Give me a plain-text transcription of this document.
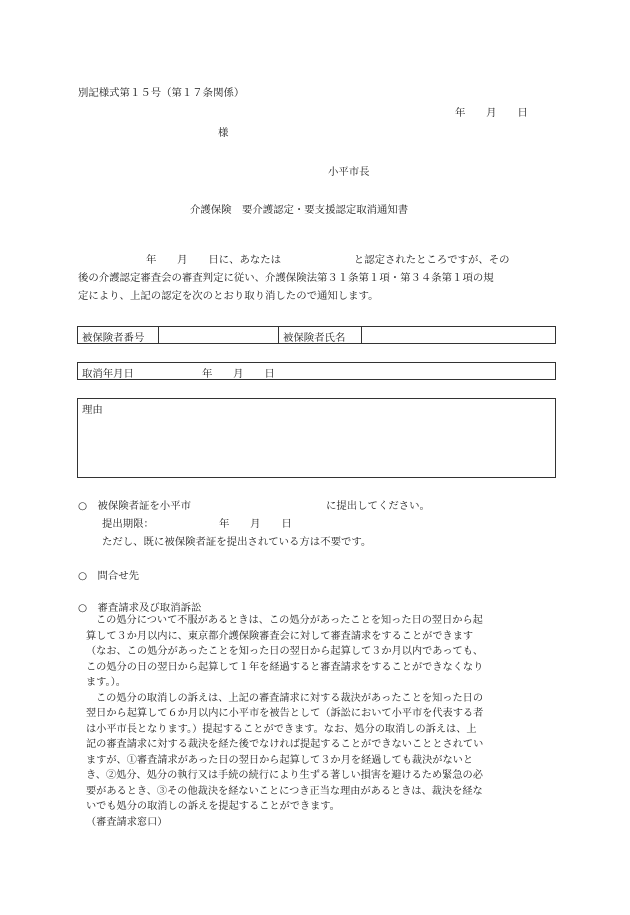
別記様式第１５号（第１７条関係）
年　　月　　日
様
小平市長
介護保険　要介護認定・要支援認定取消通知書
年　　月　　日に、あなたは　　　　　　　と認定されたところですが、その
後の介護認定審査会の審査判定に従い、介護保険法第３１条第１項・第３４条第１項の規
定により、上記の認定を次のとおり取り消したので通知します。
被保険者番号	被保険者氏名
取消年月日	年　　月　　日
理由
○　被保険者証を小平市	に提出してください。
提出期限：	年　　月　　日
ただし、既に被保険者証を提出されている方は不要です。
○　問合せ先
○　審査請求及び取消訴訟
この処分について不服があるときは、この処分があったことを知った日の翌日から起
算して３か月以内に、東京都介護保険審査会に対して審査請求をすることができます
（なお、この処分があったことを知った日の翌日から起算して３か月以内であっても、
この処分の日の翌日から起算して１年を経過すると審査請求をすることができなくなり
ます。）。
この処分の取消しの訴えは、上記の審査請求に対する裁決があったことを知った日の
翌日から起算して６か月以内に小平市を被告として（訴訟において小平市を代表する者
は小平市長となります。）提起することができます。なお、処分の取消しの訴えは、上
記の審査請求に対する裁決を経た後でなければ提起することができないこととされてい
ますが、①審査請求があった日の翌日から起算して３か月を経過しても裁決がないと
き、②処分、処分の執行又は手続の続行により生ずる著しい損害を避けるため緊急の必
要があるとき、③その他裁決を経ないことにつき正当な理由があるときは、裁決を経な
いでも処分の取消しの訴えを提起することができます。
（審査請求窓口）
